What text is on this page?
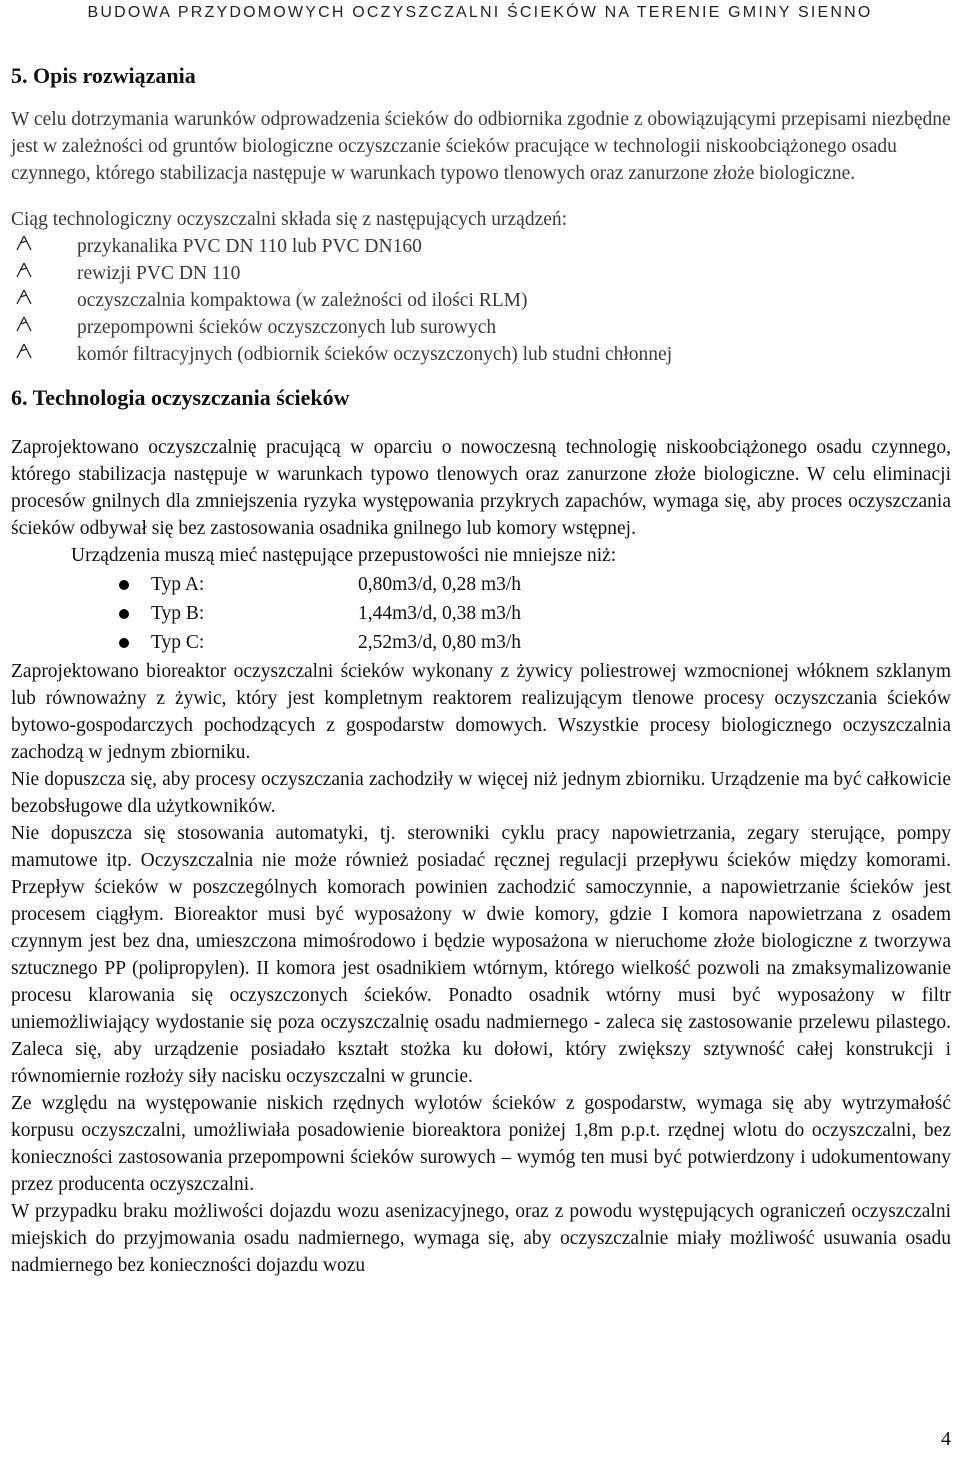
BUDOWA PRZYDOMOWYCH OCZYSZCZALNI ŚCIEKÓW NA TERENIE GMINY SIENNO
5. Opis rozwiązania

W celu dotrzymania warunków odprowadzenia ścieków do odbiornika zgodnie z obowiązującymi przepisami niezbędne jest w zależności od gruntów biologiczne oczyszczanie ścieków pracujące w technologii niskoobciążonego osadu czynnego, którego stabilizacja następuje w warunkach typowo tlenowych oraz zanurzone złoże biologiczne.

Ciąg technologiczny oczyszczalni składa się z następujących urządzeń:

przykanalika PVC DN 110 lub PVC DN160
rewizji PVC DN 110
oczyszczalnia kompaktowa (w zależności od ilości RLM)
przepompowni ścieków oczyszczonych lub surowych
komór filtracyjnych (odbiornik ścieków oczyszczonych) lub studni chłonnej
6. Technologia oczyszczania ścieków

Zaprojektowano oczyszczalnię pracującą w oparciu o nowoczesną technologię niskoobciążonego osadu czynnego, którego stabilizacja następuje w warunkach typowo tlenowych oraz zanurzone złoże biologiczne. W celu eliminacji procesów gnilnych dla zmniejszenia ryzyka występowania przykrych zapachów, wymaga się, aby proces oczyszczania ścieków odbywał się bez zastosowania osadnika gnilnego lub komory wstępnej.

Urządzenia muszą mieć następujące przepustowości nie mniejsze niż:

Typ A:	0,80m3/d, 0,28 m3/h
Typ B:	1,44m3/d, 0,38 m3/h
Typ C:	2,52m3/d, 0,80 m3/h

Zaprojektowano bioreaktor oczyszczalni ścieków wykonany z żywicy poliestrowej wzmocnionej włóknem szklanym lub równoważny z żywic, który jest kompletnym reaktorem realizującym tlenowe procesy oczyszczania ścieków bytowo-gospodarczych pochodzących z gospodarstw domowych. Wszystkie procesy biologicznego oczyszczalnia zachodzą w jednym zbiorniku.

Nie dopuszcza się, aby procesy oczyszczania zachodziły w więcej niż jednym zbiorniku. Urządzenie ma być całkowicie bezobsługowe dla użytkowników.

Nie dopuszcza się stosowania automatyki, tj. sterowniki cyklu pracy napowietrzania, zegary sterujące, pompy mamutowe itp. Oczyszczalnia nie może również posiadać ręcznej regulacji przepływu ścieków między komorami. Przepływ ścieków w poszczególnych komorach powinien zachodzić samoczynnie, a napowietrzanie ścieków jest procesem ciągłym. Bioreaktor musi być wyposażony w dwie komory, gdzie I komora napowietrzana z osadem czynnym jest bez dna, umieszczona mimośrodowo i będzie wyposażona w nieruchome złoże biologiczne z tworzywa sztucznego PP (polipropylen). II komora jest osadnikiem wtórnym, którego wielkość pozwoli na zmaksymalizowanie procesu klarowania się oczyszczonych ścieków. Ponadto osadnik wtórny musi być wyposażony w filtr uniemożliwiający wydostanie się poza oczyszczalnię osadu nadmiernego - zaleca się zastosowanie przelewu pilastego. Zaleca się, aby urządzenie posiadało kształt stożka ku dołowi, który zwiększy sztywność całej konstrukcji i równomiernie rozłoży siły nacisku oczyszczalni w gruncie.

Ze względu na występowanie niskich rzędnych wylotów ścieków z gospodarstw, wymaga się aby wytrzymałość korpusu oczyszczalni, umożliwiała posadowienie bioreaktora poniżej 1,8m p.p.t. rzędnej wlotu do oczyszczalni, bez konieczności zastosowania przepompowni ścieków surowych – wymóg ten musi być potwierdzony i udokumentowany przez producenta oczyszczalni.

W przypadku braku możliwości dojazdu wozu asenizacyjnego, oraz z powodu występujących ograniczeń oczyszczalni miejskich do przyjmowania osadu nadmiernego, wymaga się, aby oczyszczalnie miały możliwość usuwania osadu nadmiernego bez konieczności dojazdu wozu

4
